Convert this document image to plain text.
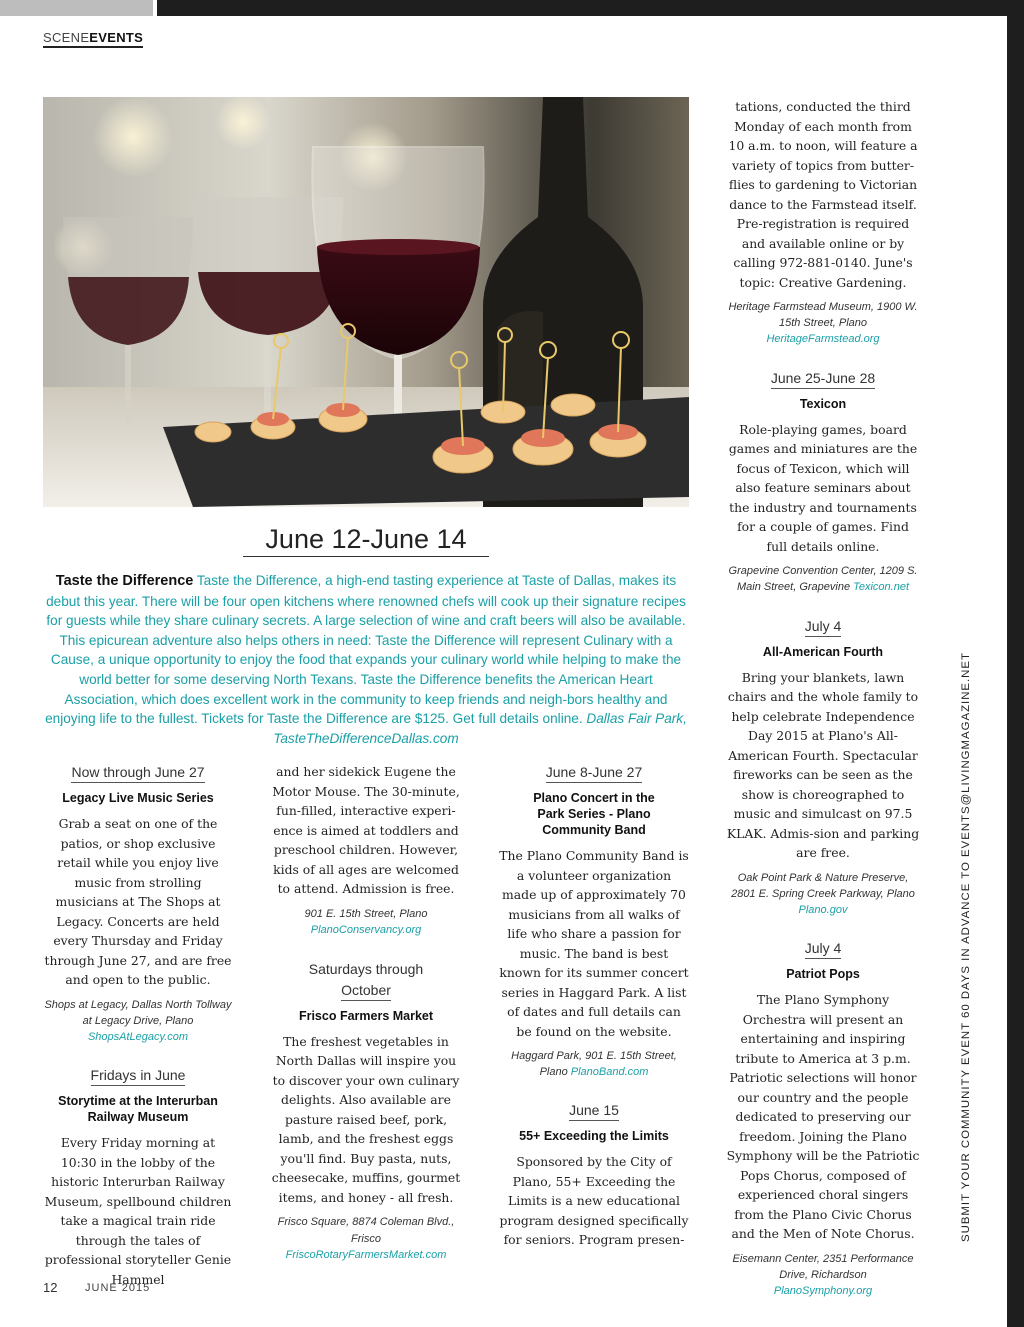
SCENEEVENTS
June 12-June 14
Taste the Difference Taste the Difference, a high-end tasting experience at Taste of Dallas, makes its debut this year. There will be four open kitchens where renowned chefs will cook up their signature recipes for guests while they share culinary secrets. A large selection of wine and craft beers will also be available. This epicurean adventure also helps others in need: Taste the Difference will represent Culinary with a Cause, a unique opportunity to enjoy the food that expands your culinary world while helping to make the world better for some deserving North Texans. Taste the Difference benefits the American Heart Association, which does excellent work in the community to keep friends and neigh-bors healthy and enjoying life to the fullest. Tickets for Taste the Difference are $125. Get full details online. Dallas Fair Park, TasteTheDifferenceDallas.com
Now through June 27
Legacy Live Music Series
Grab a seat on one of the patios, or shop exclusive retail while you enjoy live music from strolling musicians at The Shops at Legacy. Concerts are held every Thursday and Friday through June 27, and are free and open to the public.
Shops at Legacy, Dallas North Tollway at Legacy Drive, Plano
ShopsAtLegacy.com
Fridays in June
Storytime at the Interurban Railway Museum
Every Friday morning at 10:30 in the lobby of the historic Interurban Railway Museum, spellbound children take a magical train ride through the tales of professional storyteller Genie Hammel
and her sidekick Eugene the Motor Mouse. The 30-minute, fun-filled, interactive experi-ence is aimed at toddlers and preschool children. However, kids of all ages are welcomed to attend. Admission is free.
901 E. 15th Street, Plano
PlanoConservancy.org
Saturdays through
October
Frisco Farmers Market
The freshest vegetables in North Dallas will inspire you to discover your own culinary delights. Also available are pasture raised beef, pork, lamb, and the freshest eggs you'll find. Buy pasta, nuts, cheesecake, muffins, gourmet items, and honey - all fresh.
Frisco Square, 8874 Coleman Blvd., Frisco FriscoRotaryFarmersMarket.com
June 8-June 27
Plano Concert in the Park Series - Plano Community Band
The Plano Community Band is a volunteer organization made up of approximately 70 musicians from all walks of life who share a passion for music. The band is best known for its summer concert series in Haggard Park. A list of dates and full details can be found on the website.
Haggard Park, 901 E. 15th Street, Plano PlanoBand.com
June 15
55+ Exceeding the Limits
Sponsored by the City of Plano, 55+ Exceeding the Limits is a new educational program designed specifically for seniors. Program presen-
tations, conducted the third Monday of each month from 10 a.m. to noon, will feature a variety of topics from butter-flies to gardening to Victorian dance to the Farmstead itself. Pre-registration is required and available online or by calling 972-881-0140. June's topic: Creative Gardening.
Heritage Farmstead Museum, 1900 W. 15th Street, Plano
HeritageFarmstead.org
June 25-June 28
Texicon
Role-playing games, board games and miniatures are the focus of Texicon, which will also feature seminars about the industry and tournaments for a couple of games. Find full details online.
Grapevine Convention Center, 1209 S. Main Street, Grapevine Texicon.net
July 4
All-American Fourth
Bring your blankets, lawn chairs and the whole family to help celebrate Independence Day 2015 at Plano's All-American Fourth. Spectacular fireworks can be seen as the show is choreographed to music and simulcast on 97.5 KLAK. Admis-sion and parking are free.
Oak Point Park & Nature Preserve, 2801 E. Spring Creek Parkway, Plano Plano.gov
July 4
Patriot Pops
The Plano Symphony Orchestra will present an entertaining and inspiring tribute to America at 3 p.m. Patriotic selections will honor our country and the people dedicated to preserving our freedom. Joining the Plano Symphony will be the Patriotic Pops Chorus, composed of experienced choral singers from the Plano Civic Chorus and the Men of Note Chorus.
Eisemann Center, 2351 Performance Drive, Richardson
PlanoSymphony.org
SUBMIT YOUR COMMUNITY EVENT 60 DAYS IN ADVANCE TO EVENTS@LIVINGMAGAZINE.NET
12	JUNE 2015
